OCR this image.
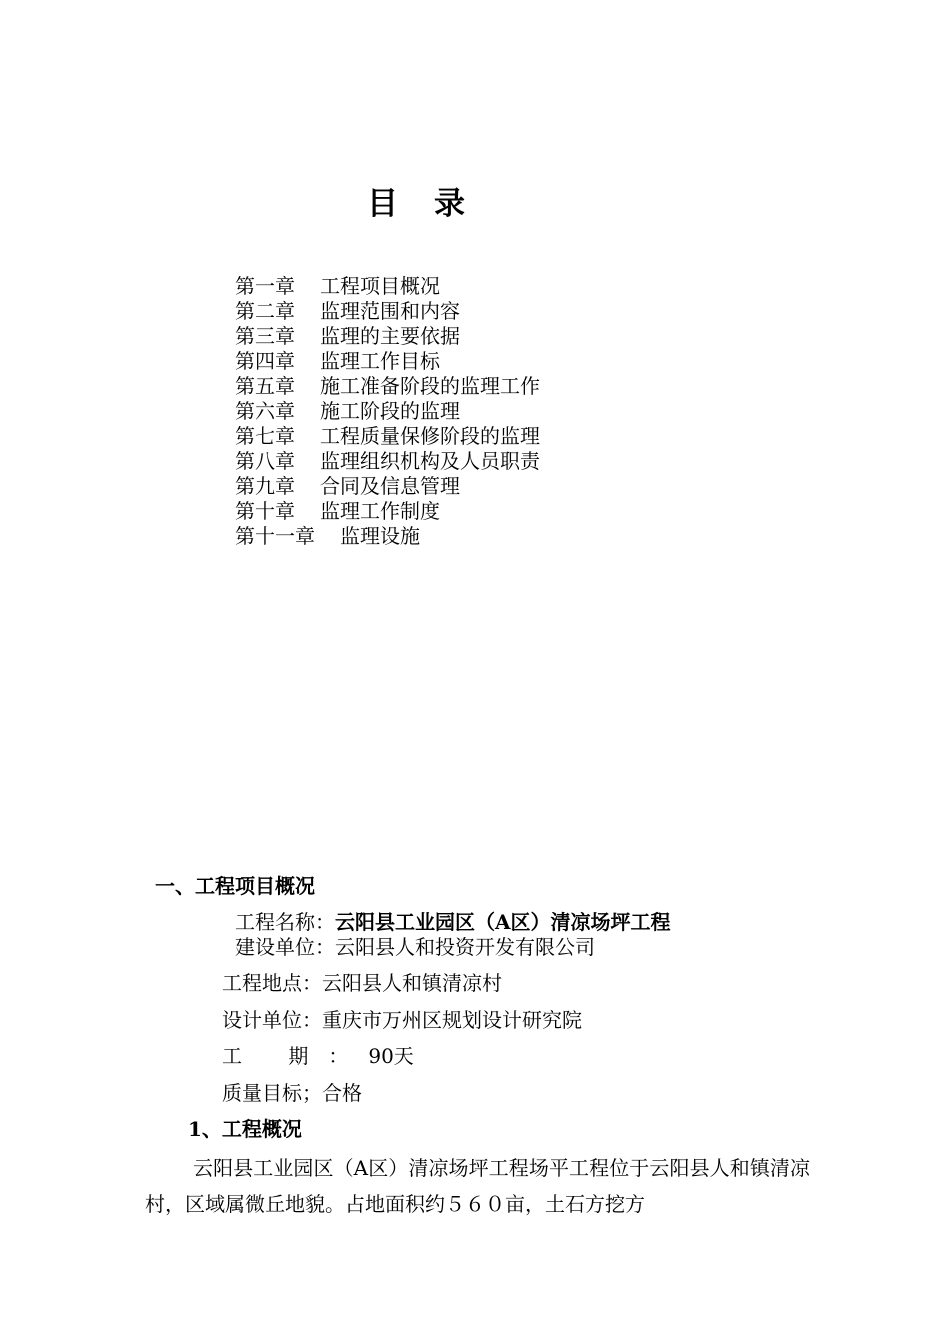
目录
第一章 工程项目概况
第二章 监理范围和内容
第三章 监理的主要依据
第四章 监理工作目标
第五章 施工准备阶段的监理工作
第六章 施工阶段的监理
第七章 工程质量保修阶段的监理
第八章 监理组织机构及人员职责
第九章 合同及信息管理
第十章 监理工作制度
第十一章 监理设施
一、工程项目概况
工程名称：云阳县工业园区（A区）清凉场坪工程
建设单位：云阳县人和投资开发有限公司
工程地点：云阳县人和镇清凉村
设计单位：重庆市万州区规划设计研究院
工 期：90天
质量目标；合格
1、工程概况

云阳县工业园区（A区）清凉场坪工程场平工程位于云阳县人和镇清凉村，区域属微丘地貌。占地面积约５６０亩，土石方挖方
